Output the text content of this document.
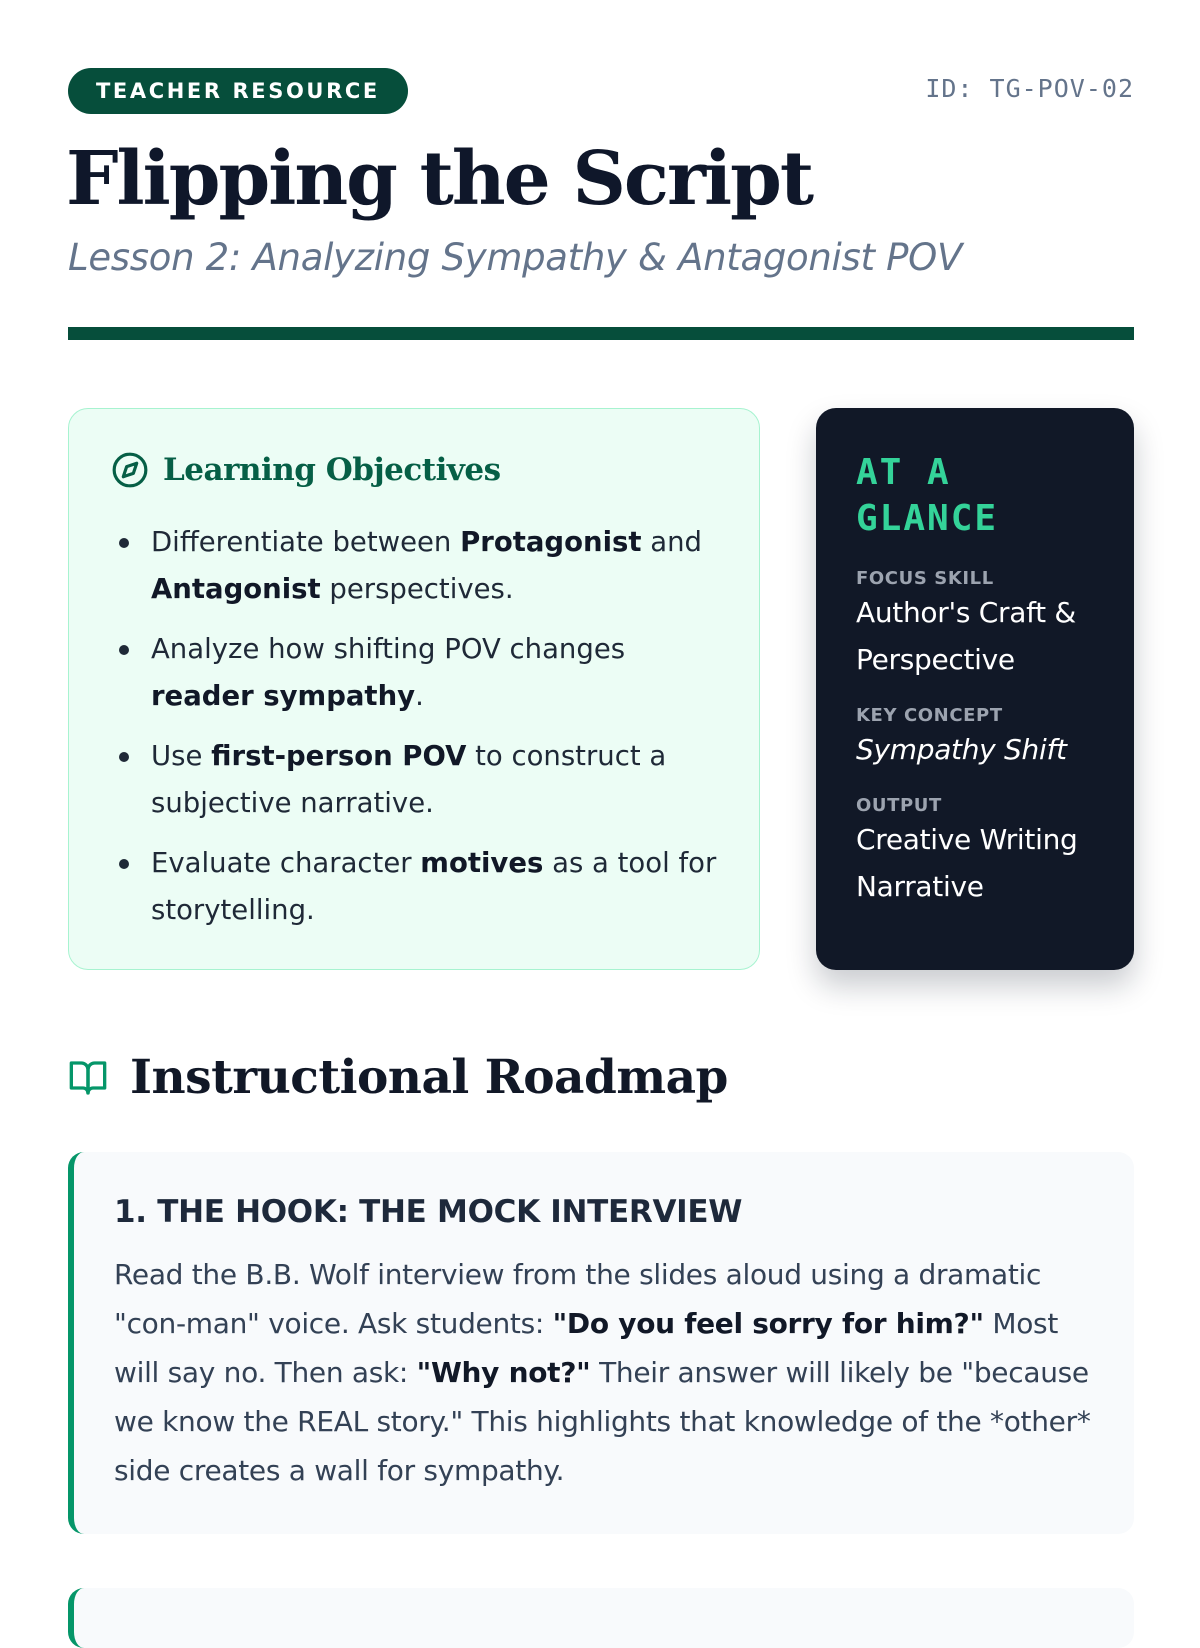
TEACHER RESOURCE	ID: TG-POV-02
Flipping the Script

Lesson 2: Analyzing Sympathy & Antagonist POV

Learning Objectives
Differentiate between Protagonist and Antagonist perspectives.
Analyze how shifting POV changes reader sympathy.
Use first-person POV to construct a subjective narrative.
Evaluate character motives as a tool for storytelling.
AT A GLANCE
FOCUS SKILL
Author's Craft & Perspective
KEY CONCEPT
Sympathy Shift
OUTPUT
Creative Writing Narrative
Instructional Roadmap
1. THE HOOK: THE MOCK INTERVIEW

Read the B.B. Wolf interview from the slides aloud using a dramatic "con-man" voice. Ask students: "Do you feel sorry for him?" Most will say no. Then ask: "Why not?" Their answer will likely be "because we know the REAL story." This highlights that knowledge of the *other* side creates a wall for sympathy.
